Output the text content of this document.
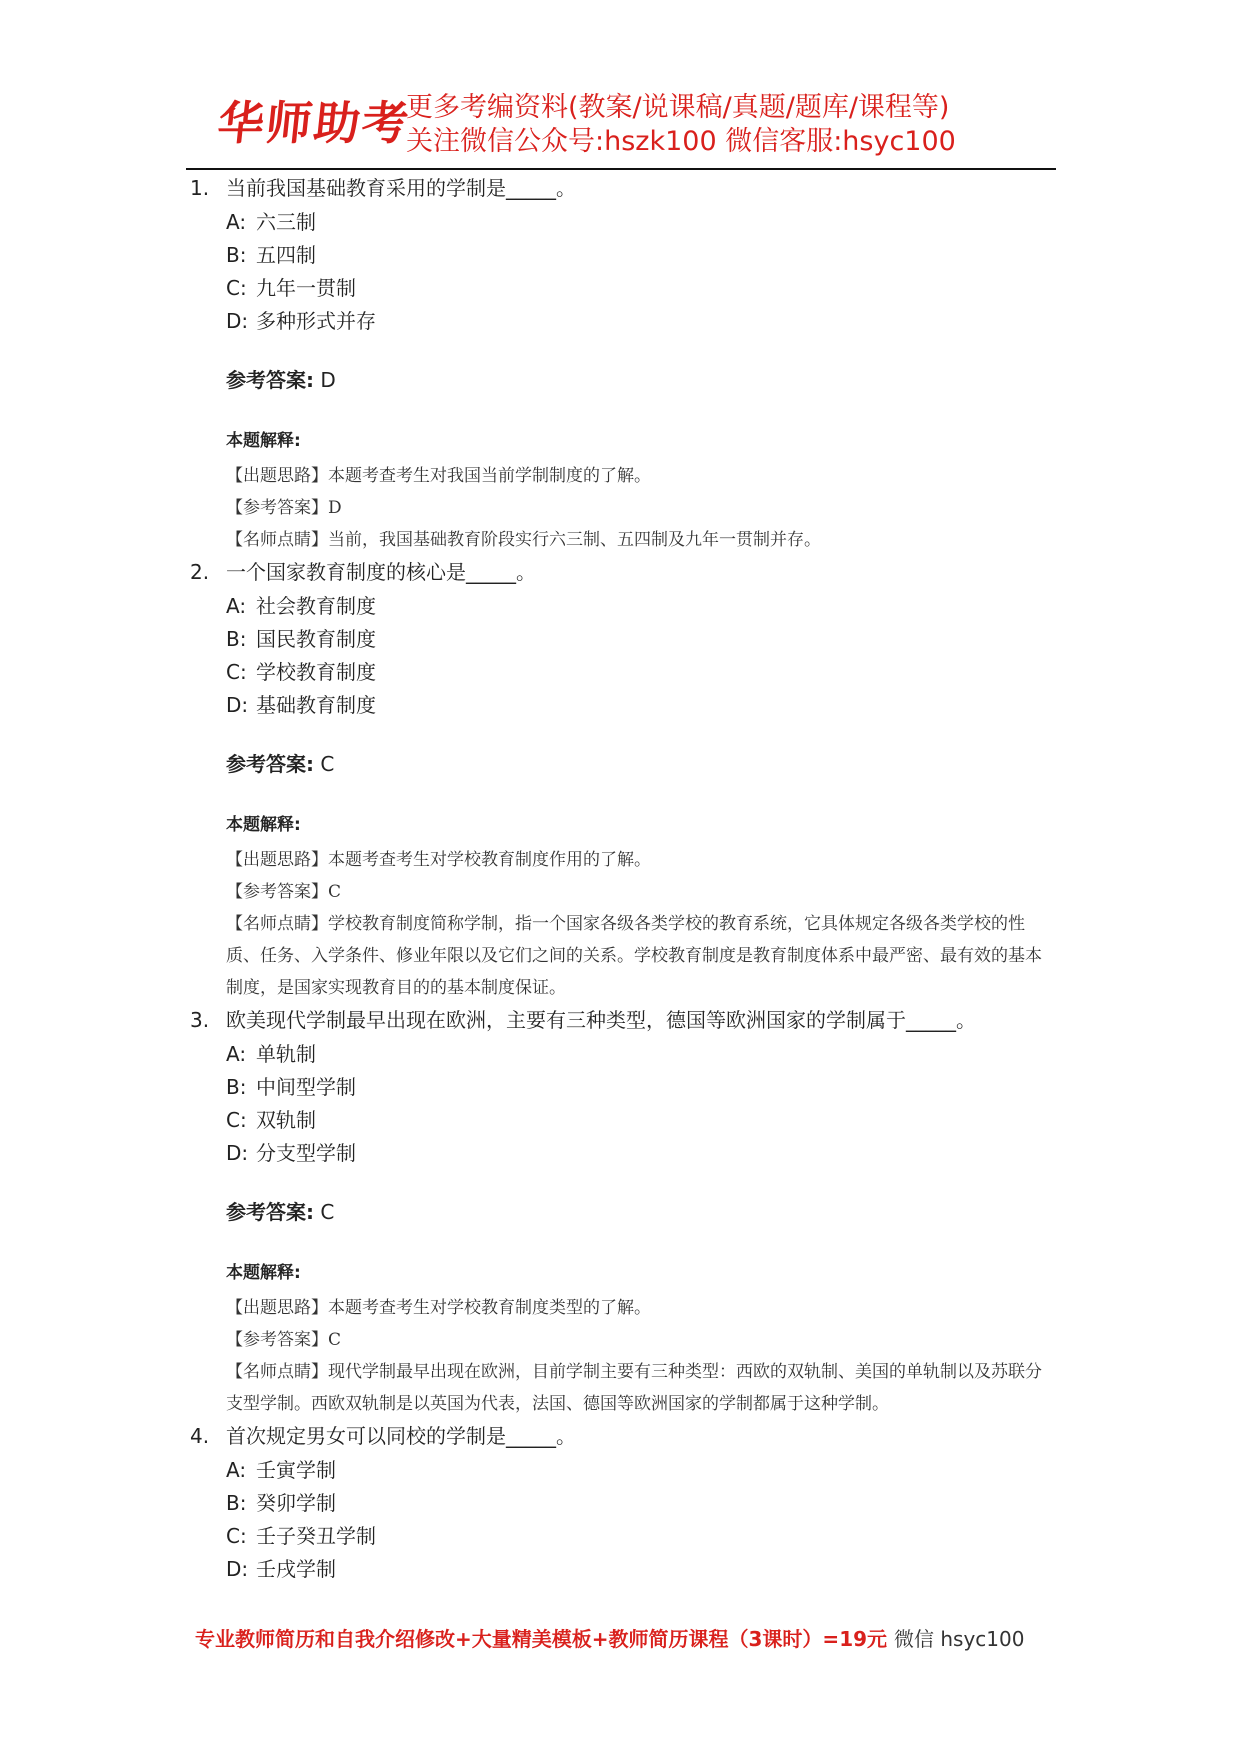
华师助考
更多考编资料(教案/说课稿/真题/题库/课程等)
关注微信公众号:hszk100 微信客服:hsyc100
1. 当前我国基础教育采用的学制是_____。
A: 六三制
B: 五四制
C: 九年一贯制
D: 多种形式并存
参考答案: D
本题解释:
【出题思路】本题考查考生对我国当前学制制度的了解。
【参考答案】D
【名师点睛】当前，我国基础教育阶段实行六三制、五四制及九年一贯制并存。
2. 一个国家教育制度的核心是_____。
A: 社会教育制度
B: 国民教育制度
C: 学校教育制度
D: 基础教育制度
参考答案: C
本题解释:
【出题思路】本题考查考生对学校教育制度作用的了解。
【参考答案】C
【名师点睛】学校教育制度简称学制，指一个国家各级各类学校的教育系统，它具体规定各级各类学校的性质、任务、入学条件、修业年限以及它们之间的关系。学校教育制度是教育制度体系中最严密、最有效的基本制度，是国家实现教育目的的基本制度保证。
3. 欧美现代学制最早出现在欧洲，主要有三种类型，德国等欧洲国家的学制属于_____。
A: 单轨制
B: 中间型学制
C: 双轨制
D: 分支型学制
参考答案: C
本题解释:
【出题思路】本题考查考生对学校教育制度类型的了解。
【参考答案】C
【名师点睛】现代学制最早出现在欧洲，目前学制主要有三种类型：西欧的双轨制、美国的单轨制以及苏联分支型学制。西欧双轨制是以英国为代表，法国、德国等欧洲国家的学制都属于这种学制。
4. 首次规定男女可以同校的学制是_____。
A: 壬寅学制
B: 癸卯学制
C: 壬子癸丑学制
D: 壬戌学制
专业教师简历和自我介绍修改+大量精美模板+教师简历课程（3课时）=19元 微信 hsyc100
